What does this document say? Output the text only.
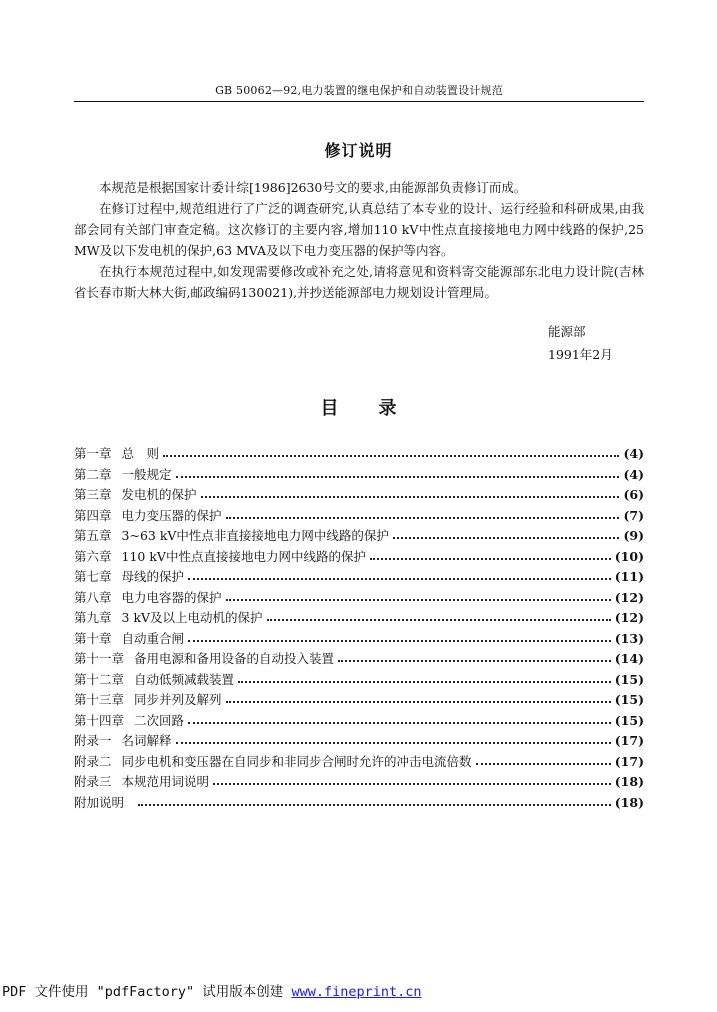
GB 50062—92,电力装置的继电保护和自动装置设计规范
修订说明

本规范是根据国家计委计综[1986]2630号文的要求,由能源部负责修订而成。

在修订过程中,规范组进行了广泛的调查研究,认真总结了本专业的设计、运行经验和科研成果,由我部会同有关部门审查定稿。这次修订的主要内容,增加110 kV中性点直接接地电力网中线路的保护,25 MW及以下发电机的保护,63 MVA及以下电力变压器的保护等内容。

在执行本规范过程中,如发现需要修改或补充之处,请将意见和资料寄交能源部东北电力设计院(吉林省长春市斯大林大街,邮政编码130021),并抄送能源部电力规划设计管理局。

能源部
1991年2月
目录
第一章 总　则	(4)
第二章 一般规定	(4)
第三章 发电机的保护	(6)
第四章 电力变压器的保护	(7)
第五章 3~63 kV中性点非直接接地电力网中线路的保护	(9)
第六章 110 kV中性点直接接地电力网中线路的保护	(10)
第七章 母线的保护	(11)
第八章 电力电容器的保护	(12)
第九章 3 kV及以上电动机的保护	(12)
第十章 自动重合闸	(13)
第十一章 备用电源和备用设备的自动投入装置	(14)
第十二章 自动低频减载装置	(15)
第十三章 同步并列及解列	(15)
第十四章 二次回路	(15)
附录一 名词解释	(17)
附录二 同步电机和变压器在自同步和非同步合闸时允许的冲击电流倍数	(17)
附录三 本规范用词说明	(18)
附加说明	(18)
PDF 文件使用 "pdfFactory" 试用版本创建 www.fineprint.cn
